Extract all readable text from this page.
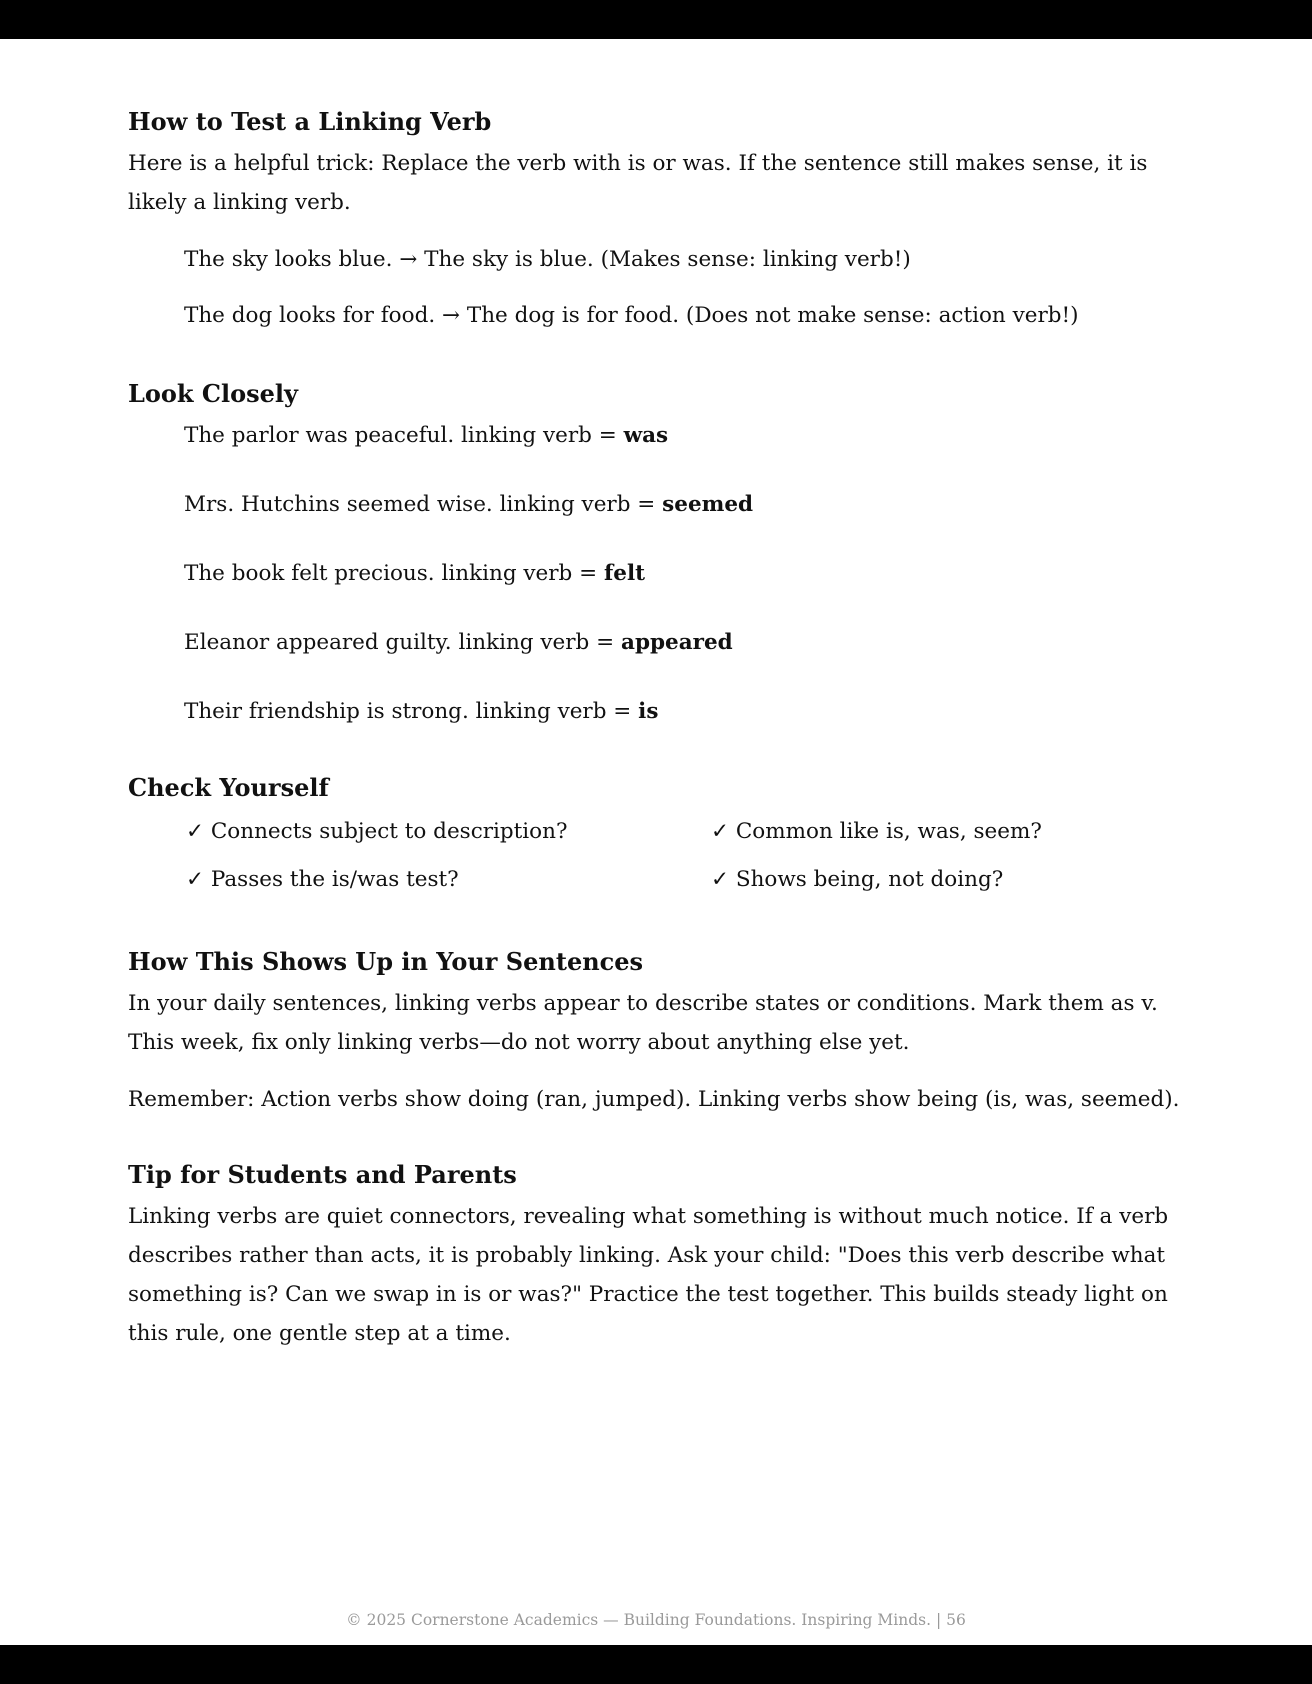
How to Test a Linking Verb

Here is a helpful trick: Replace the verb with is or was. If the sentence still makes sense, it is likely a linking verb.

The sky looks blue. → The sky is blue. (Makes sense: linking verb!)

The dog looks for food. → The dog is for food. (Does not make sense: action verb!)

Look Closely

The parlor was peaceful. linking verb = was

Mrs. Hutchins seemed wise. linking verb = seemed

The book felt precious. linking verb = felt

Eleanor appeared guilty. linking verb = appeared

Their friendship is strong. linking verb = is

Check Yourself
✓ Connects subject to description?	✓ Common like is, was, seem?
✓ Passes the is/was test?	✓ Shows being, not doing?
How This Shows Up in Your Sentences

In your daily sentences, linking verbs appear to describe states or conditions. Mark them as v. This week, fix only linking verbs—do not worry about anything else yet.

Remember: Action verbs show doing (ran, jumped). Linking verbs show being (is, was, seemed).

Tip for Students and Parents

Linking verbs are quiet connectors, revealing what something is without much notice. If a verb describes rather than acts, it is probably linking. Ask your child: "Does this verb describe what something is? Can we swap in is or was?" Practice the test together. This builds steady light on this rule, one gentle step at a time.

© 2025 Cornerstone Academics — Building Foundations. Inspiring Minds. | 56
